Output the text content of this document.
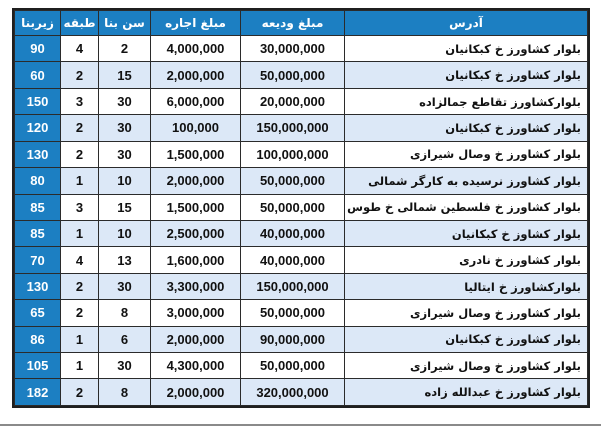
آدرس	مبلغ ودیعه	مبلغ اجاره	سن بنا	طبقه	زیربنا
بلوار کشاورز خ کبکانیان	30,000,000	4,000,000	2	4	90
بلوار کشاورز خ کبکانیان	50,000,000	2,000,000	15	2	60
بلوارکشاورز تقاطع جمالزاده	20,000,000	6,000,000	30	3	150
بلوار کشاورز خ کبکانیان	150,000,000	100,000	30	2	120
بلوار کشاورز خ وصال شیرازی	100,000,000	1,500,000	30	2	130
بلوار کشاورز نرسیده به کارگر شمالی	50,000,000	2,000,000	10	1	80
بلوار کشاورز خ فلسطین شمالی خ طوس	50,000,000	1,500,000	15	3	85
بلوار کشاوز خ کبکانیان	40,000,000	2,500,000	10	1	85
بلوار کشاورز خ نادری	40,000,000	1,600,000	13	4	70
بلوارکشاورز خ ایتالیا	150,000,000	3,300,000	30	2	130
بلوار کشاورز خ وصال شیرازی	50,000,000	3,000,000	8	2	65
بلوار کشاورز خ کبکانیان	90,000,000	2,000,000	6	1	86
بلوار کشاورز خ وصال شیرازی	50,000,000	4,300,000	30	1	105
بلوار کشاورز خ عبدالله زاده	320,000,000	2,000,000	8	2	182
